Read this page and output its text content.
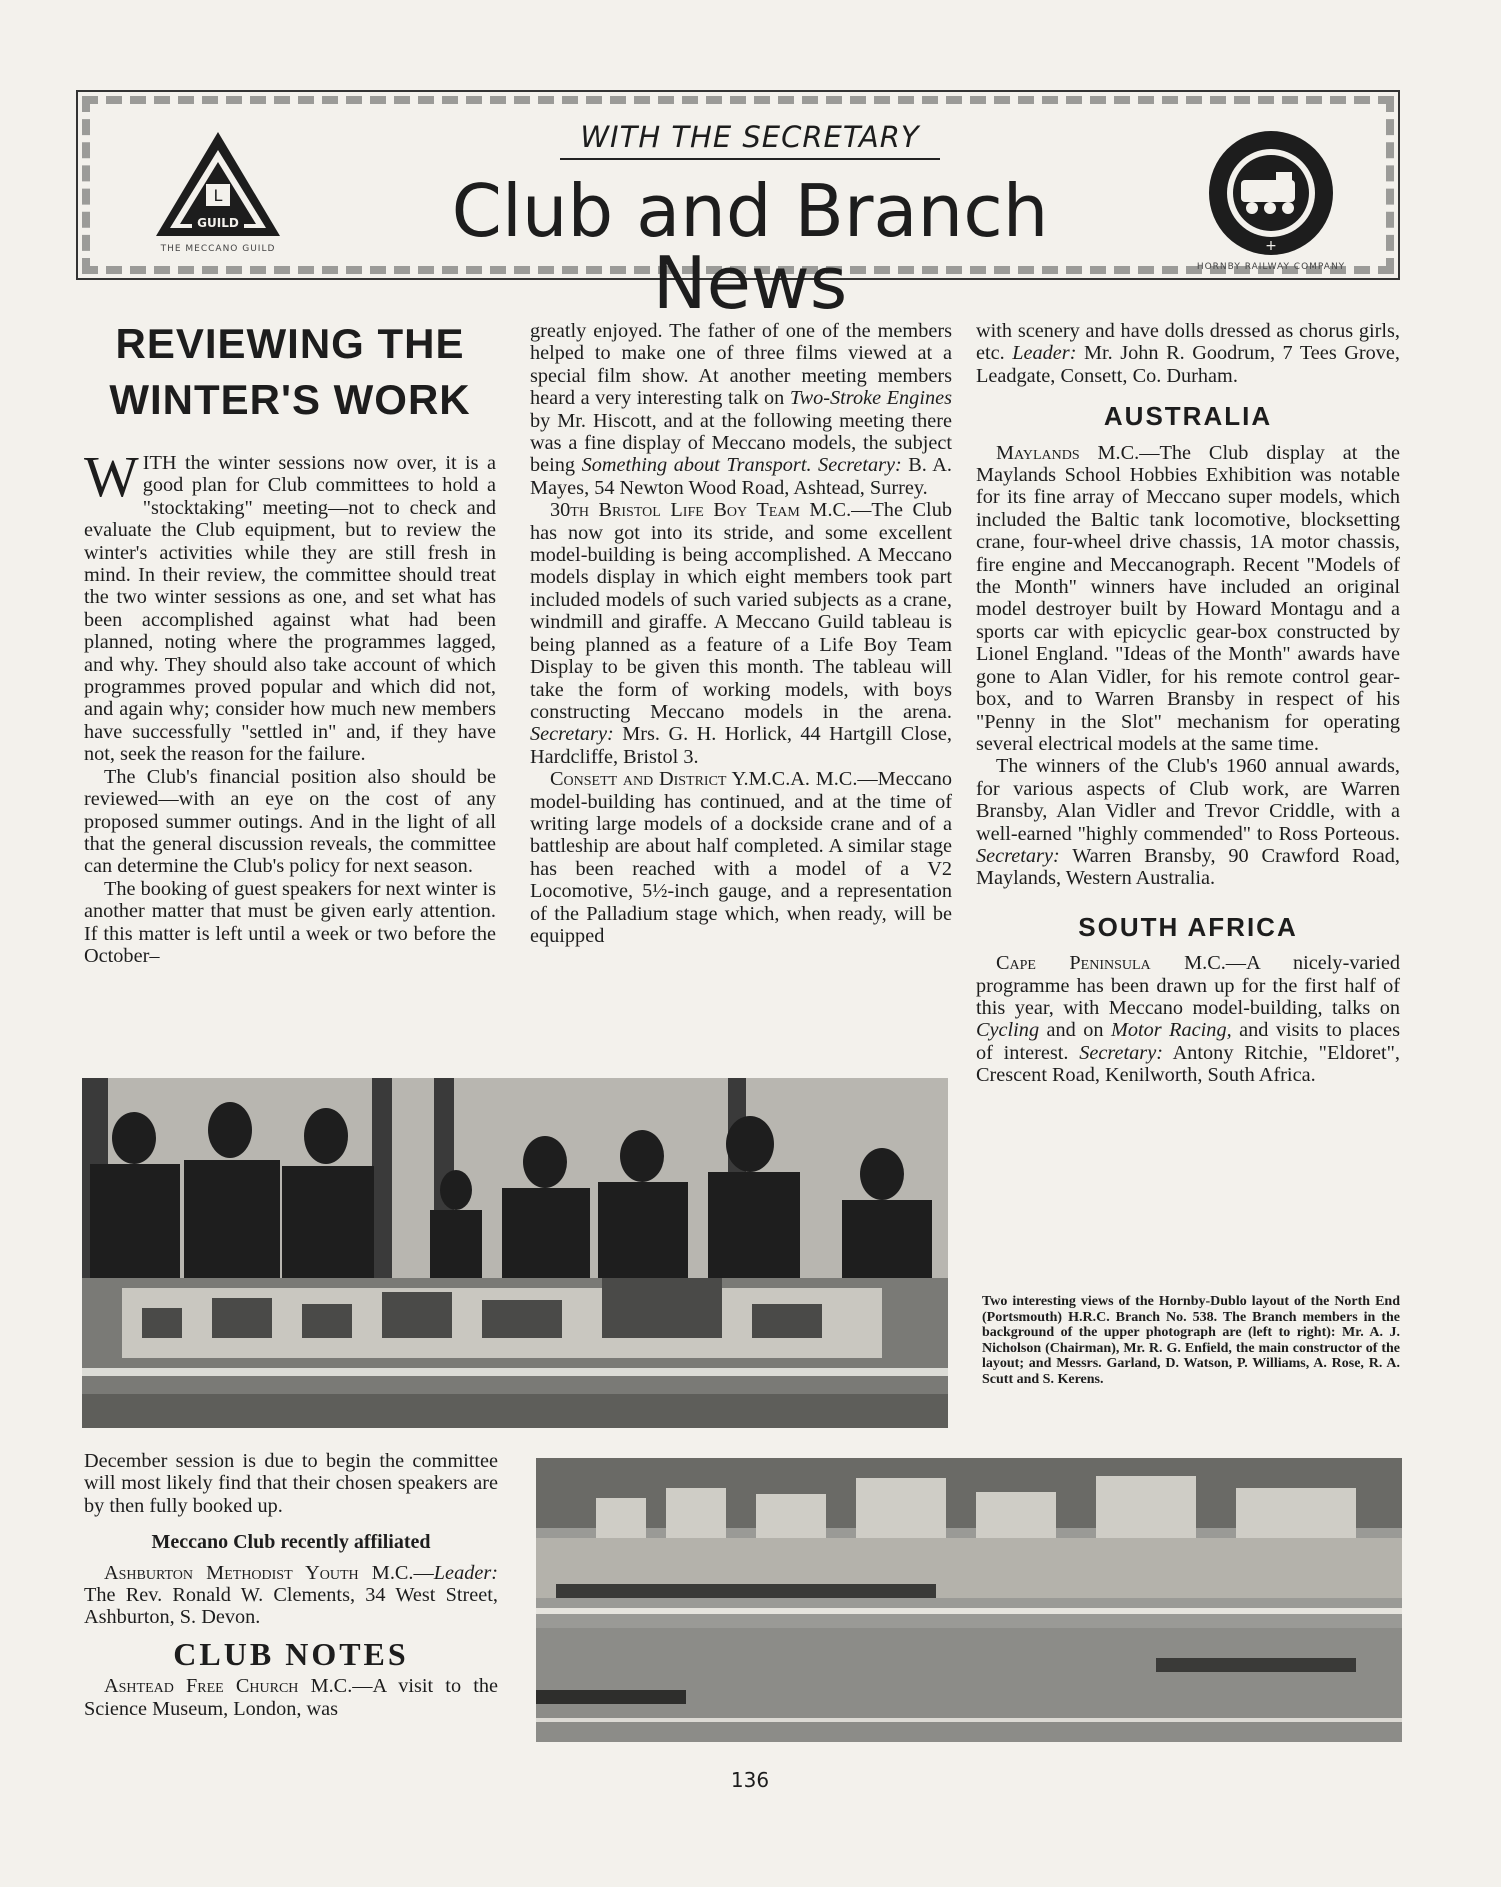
L
GUILD
THE MECCANO GUILD
WITH THE SECRETARY
Club and Branch News	+
HORNBY RAILWAY COMPANY
REVIEWING THE
WINTER'S WORK

WITH the winter sessions now over, it is a good plan for Club committees to hold a "stocktaking" meeting—not to check and evaluate the Club equipment, but to review the winter's activities while they are still fresh in mind. In their review, the committee should treat the two winter sessions as one, and set what has been accomplished against what had been planned, noting where the programmes lagged, and why. They should also take account of which programmes proved popular and which did not, and again why; consider how much new members have successfully "settled in" and, if they have not, seek the reason for the failure.

The Club's financial position also should be reviewed—with an eye on the cost of any proposed summer outings. And in the light of all that the general discussion reveals, the committee can determine the Club's policy for next season.

The booking of guest speakers for next winter is another matter that must be given early attention. If this matter is left until a week or two before the October–

greatly enjoyed. The father of one of the members helped to make one of three films viewed at a special film show. At another meeting members heard a very interesting talk on Two-Stroke Engines by Mr. Hiscott, and at the following meeting there was a fine display of Meccano models, the subject being Something about Transport. Secretary: B. A. Mayes, 54 Newton Wood Road, Ashtead, Surrey.

30th Bristol Life Boy Team M.C.—The Club has now got into its stride, and some excellent model-building is being accomplished. A Meccano models display in which eight members took part included models of such varied subjects as a crane, windmill and giraffe. A Meccano Guild tableau is being planned as a feature of a Life Boy Team Display to be given this month. The tableau will take the form of working models, with boys constructing Meccano models in the arena. Secretary: Mrs. G. H. Horlick, 44 Hartgill Close, Hardcliffe, Bristol 3.

Consett and District Y.M.C.A. M.C.—Meccano model-building has continued, and at the time of writing large models of a dockside crane and of a battleship are about half completed. A similar stage has been reached with a model of a V2 Locomotive, 5½-inch gauge, and a representation of the Palladium stage which, when ready, will be equipped

with scenery and have dolls dressed as chorus girls, etc. Leader: Mr. John R. Goodrum, 7 Tees Grove, Leadgate, Consett, Co. Durham.

AUSTRALIA

Maylands M.C.—The Club display at the Maylands School Hobbies Exhibition was notable for its fine array of Meccano super models, which included the Baltic tank locomotive, blocksetting crane, four-wheel drive chassis, 1A motor chassis, fire engine and Meccanograph. Recent "Models of the Month" winners have included an original model destroyer built by Howard Montagu and a sports car with epicyclic gear-box constructed by Lionel England. "Ideas of the Month" awards have gone to Alan Vidler, for his remote control gear-box, and to Warren Bransby in respect of his "Penny in the Slot" mechanism for operating several electrical models at the same time.

The winners of the Club's 1960 annual awards, for various aspects of Club work, are Warren Bransby, Alan Vidler and Trevor Criddle, with a well-earned "highly commended" to Ross Porteous. Secretary: Warren Bransby, 90 Crawford Road, Maylands, Western Australia.

SOUTH AFRICA

Cape Peninsula M.C.—A nicely-varied programme has been drawn up for the first half of this year, with Meccano model-building, talks on Cycling and on Motor Racing, and visits to places of interest. Secretary: Antony Ritchie, "Eldoret", Crescent Road, Kenilworth, South Africa.

Two interesting views of the Hornby-Dublo layout of the North End (Portsmouth) H.R.C. Branch No. 538. The Branch members in the background of the upper photograph are (left to right): Mr. A. J. Nicholson (Chairman), Mr. R. G. Enfield, the main constructor of the layout; and Messrs. Garland, D. Watson, P. Williams, A. Rose, R. A. Scutt and S. Kerens.

December session is due to begin the committee will most likely find that their chosen speakers are by then fully booked up.

Meccano Club recently affiliated

Ashburton Methodist Youth M.C.—Leader: The Rev. Ronald W. Clements, 34 West Street, Ashburton, S. Devon.

CLUB NOTES

Ashtead Free Church M.C.—A visit to the Science Museum, London, was

136
